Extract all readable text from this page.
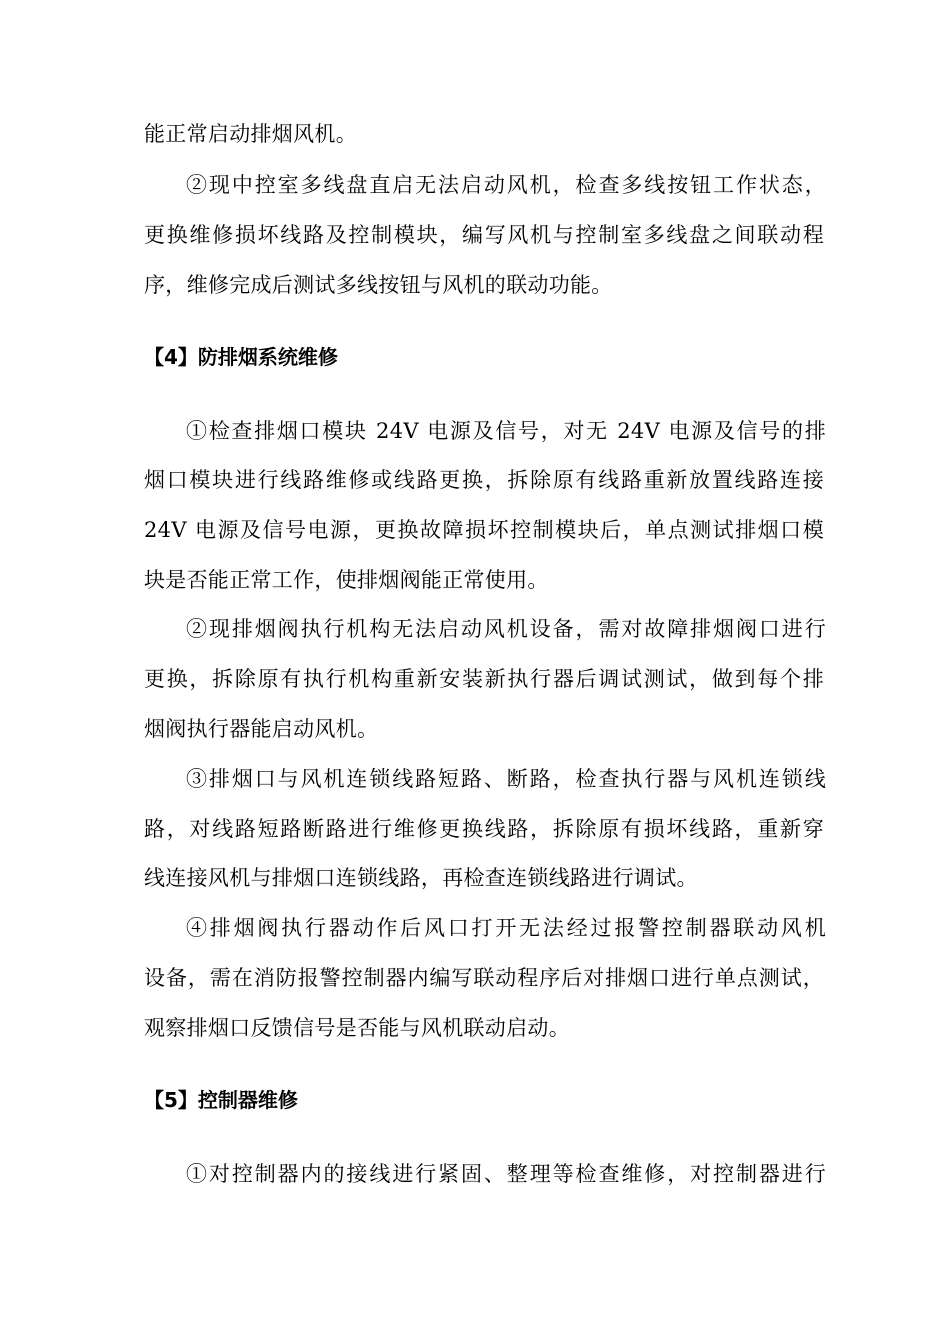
能正常启动排烟风机。
②现中控室多线盘直启无法启动风机，检查多线按钮工作状态，
更换维修损坏线路及控制模块，编写风机与控制室多线盘之间联动程
序，维修完成后测试多线按钮与风机的联动功能。
【4】防排烟系统维修
①检查排烟口模块 24V 电源及信号，对无 24V 电源及信号的排
烟口模块进行线路维修或线路更换，拆除原有线路重新放置线路连接
24V 电源及信号电源，更换故障损坏控制模块后，单点测试排烟口模
块是否能正常工作，使排烟阀能正常使用。
②现排烟阀执行机构无法启动风机设备，需对故障排烟阀口进行
更换，拆除原有执行机构重新安装新执行器后调试测试，做到每个排
烟阀执行器能启动风机。
③排烟口与风机连锁线路短路、断路，检查执行器与风机连锁线
路，对线路短路断路进行维修更换线路，拆除原有损坏线路，重新穿
线连接风机与排烟口连锁线路，再检查连锁线路进行调试。
④排烟阀执行器动作后风口打开无法经过报警控制器联动风机
设备，需在消防报警控制器内编写联动程序后对排烟口进行单点测试，
观察排烟口反馈信号是否能与风机联动启动。
【5】控制器维修
①对控制器内的接线进行紧固、整理等检查维修，对控制器进行
